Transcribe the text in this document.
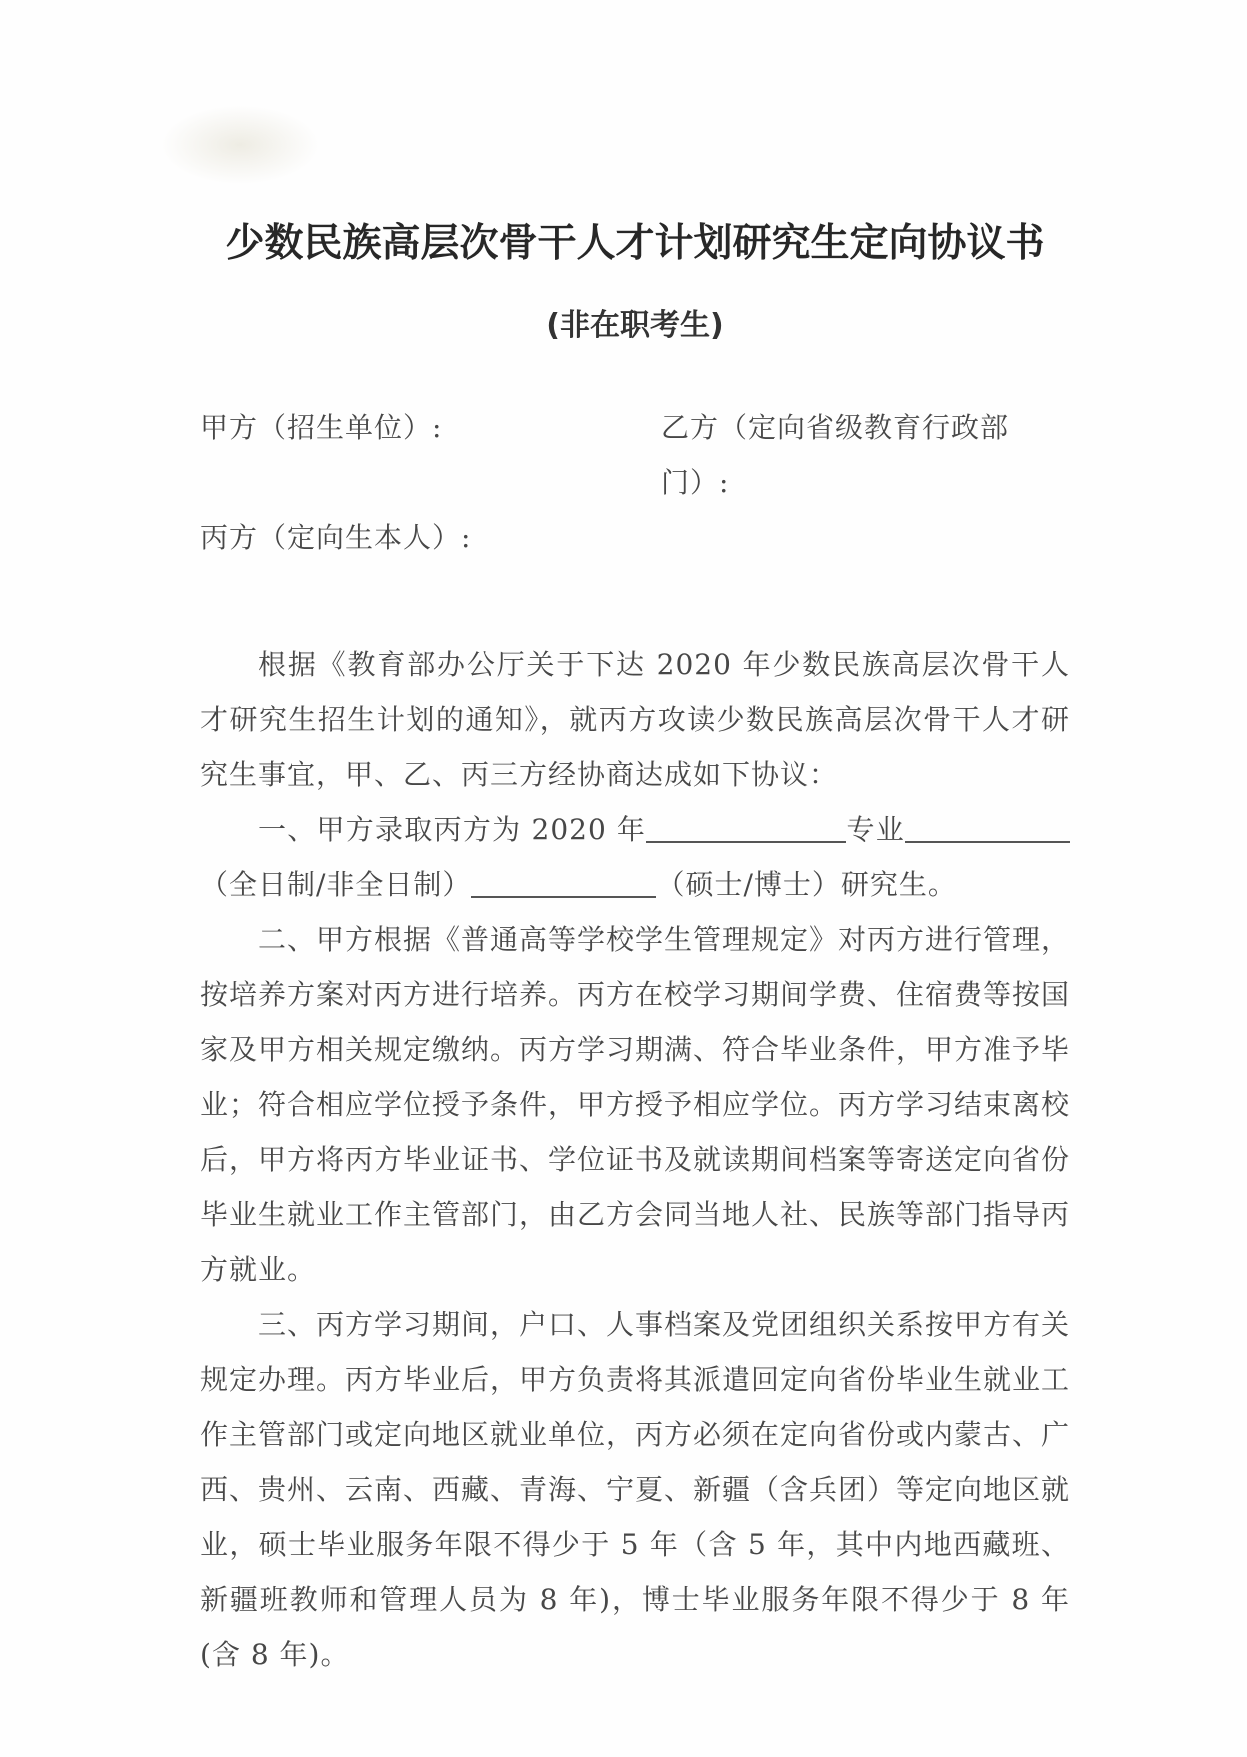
少数民族高层次骨干人才计划研究生定向协议书
(非在职考生)
甲方（招生单位）:	乙方（定向省级教育行政部门）:
丙方（定向生本人）:

根据《教育部办公厅关于下达 2020 年少数民族高层次骨干人才研究生招生计划的通知》，就丙方攻读少数民族高层次骨干人才研究生事宜，甲、乙、丙三方经协商达成如下协议：

一、甲方录取丙方为 2020 年	专业（全日制/非全日制）	（硕士/博士）研究生。

二、甲方根据《普通高等学校学生管理规定》对丙方进行管理，按培养方案对丙方进行培养。丙方在校学习期间学费、住宿费等按国家及甲方相关规定缴纳。丙方学习期满、符合毕业条件，甲方准予毕业；符合相应学位授予条件，甲方授予相应学位。丙方学习结束离校后，甲方将丙方毕业证书、学位证书及就读期间档案等寄送定向省份毕业生就业工作主管部门，由乙方会同当地人社、民族等部门指导丙方就业。

三、丙方学习期间，户口、人事档案及党团组织关系按甲方有关规定办理。丙方毕业后，甲方负责将其派遣回定向省份毕业生就业工作主管部门或定向地区就业单位，丙方必须在定向省份或内蒙古、广西、贵州、云南、西藏、青海、宁夏、新疆（含兵团）等定向地区就业，硕士毕业服务年限不得少于 5 年（含 5 年，其中内地西藏班、新疆班教师和管理人员为 8 年)，博士毕业服务年限不得少于 8 年(含 8 年)。
